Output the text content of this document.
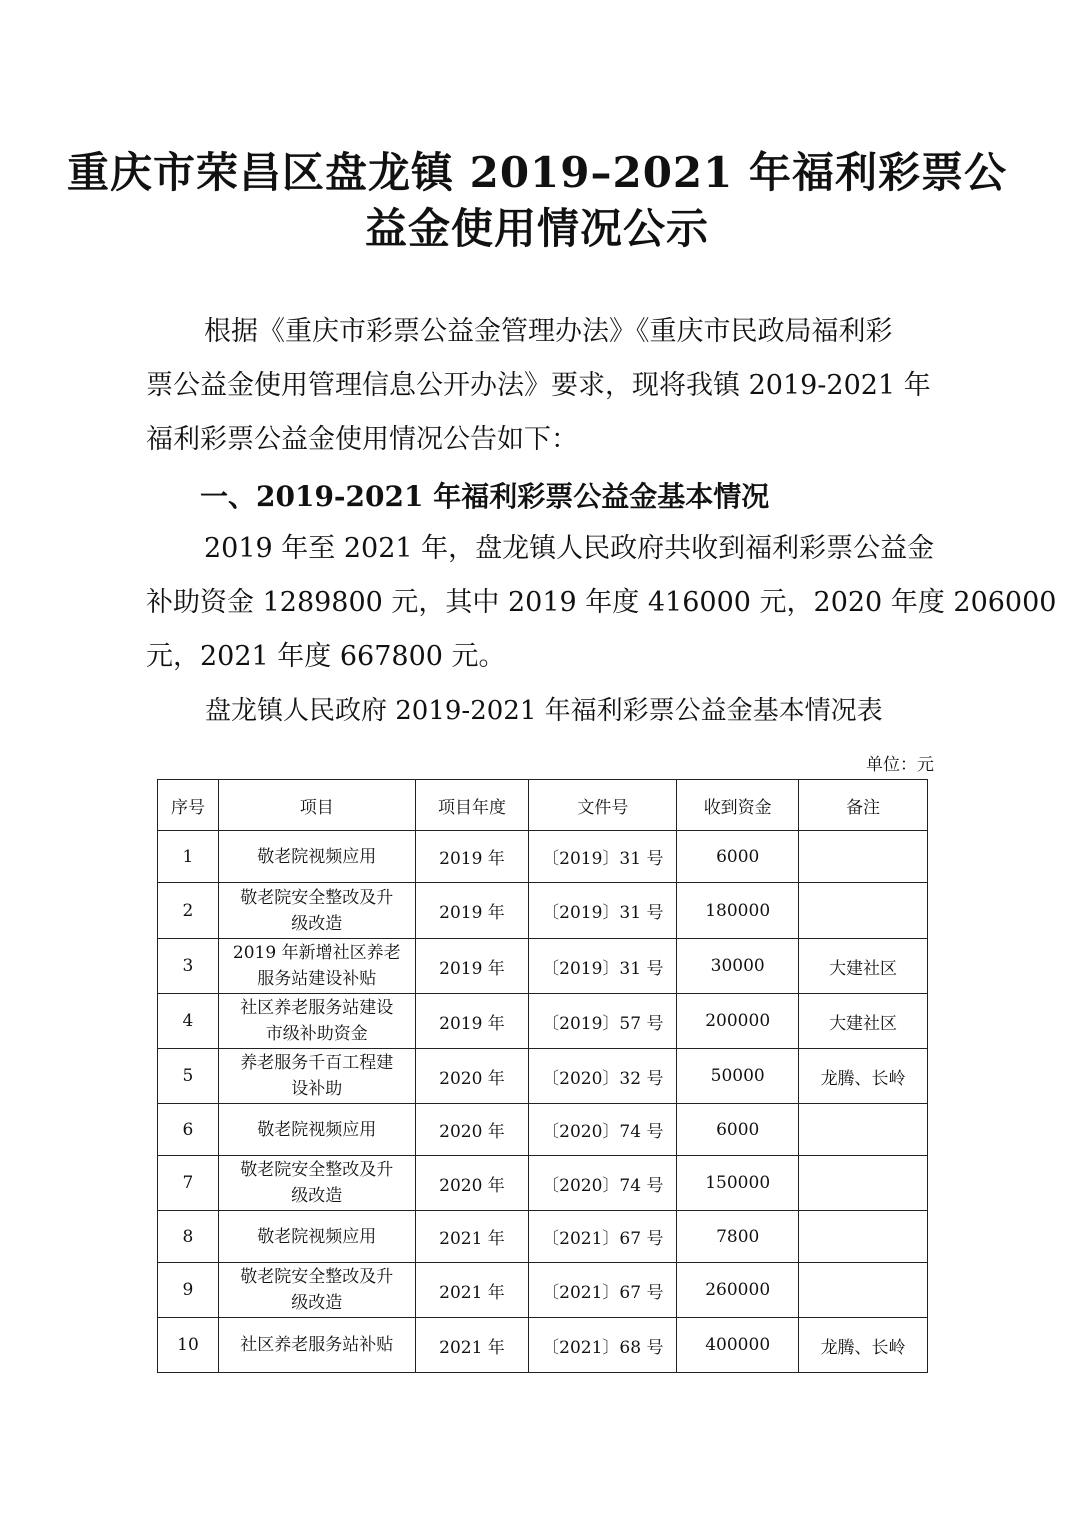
重庆市荣昌区盘龙镇 2019–2021 年福利彩票公
益金使用情况公示
根据《重庆市彩票公益金管理办法》《重庆市民政局福利彩
票公益金使用管理信息公开办法》要求，现将我镇 2019-2021 年
福利彩票公益金使用情况公告如下：
一、2019-2021 年福利彩票公益金基本情况
2019 年至 2021 年，盘龙镇人民政府共收到福利彩票公益金
补助资金 1289800 元，其中 2019 年度 416000 元，2020 年度 206000
元，2021 年度 667800 元。
盘龙镇人民政府 2019-2021 年福利彩票公益金基本情况表
单位：元
序号	项目	项目年度	文件号	收到资金	备注
1	敬老院视频应用	2019 年	〔2019〕31 号	6000	
2	敬老院安全整改及升
级改造	2019 年	〔2019〕31 号	180000	
3	2019 年新增社区养老
服务站建设补贴	2019 年	〔2019〕31 号	30000	大建社区
4	社区养老服务站建设
市级补助资金	2019 年	〔2019〕57 号	200000	大建社区
5	养老服务千百工程建
设补助	2020 年	〔2020〕32 号	50000	龙腾、长岭
6	敬老院视频应用	2020 年	〔2020〕74 号	6000	
7	敬老院安全整改及升
级改造	2020 年	〔2020〕74 号	150000	
8	敬老院视频应用	2021 年	〔2021〕67 号	7800	
9	敬老院安全整改及升
级改造	2021 年	〔2021〕67 号	260000	
10	社区养老服务站补贴	2021 年	〔2021〕68 号	400000	龙腾、长岭
